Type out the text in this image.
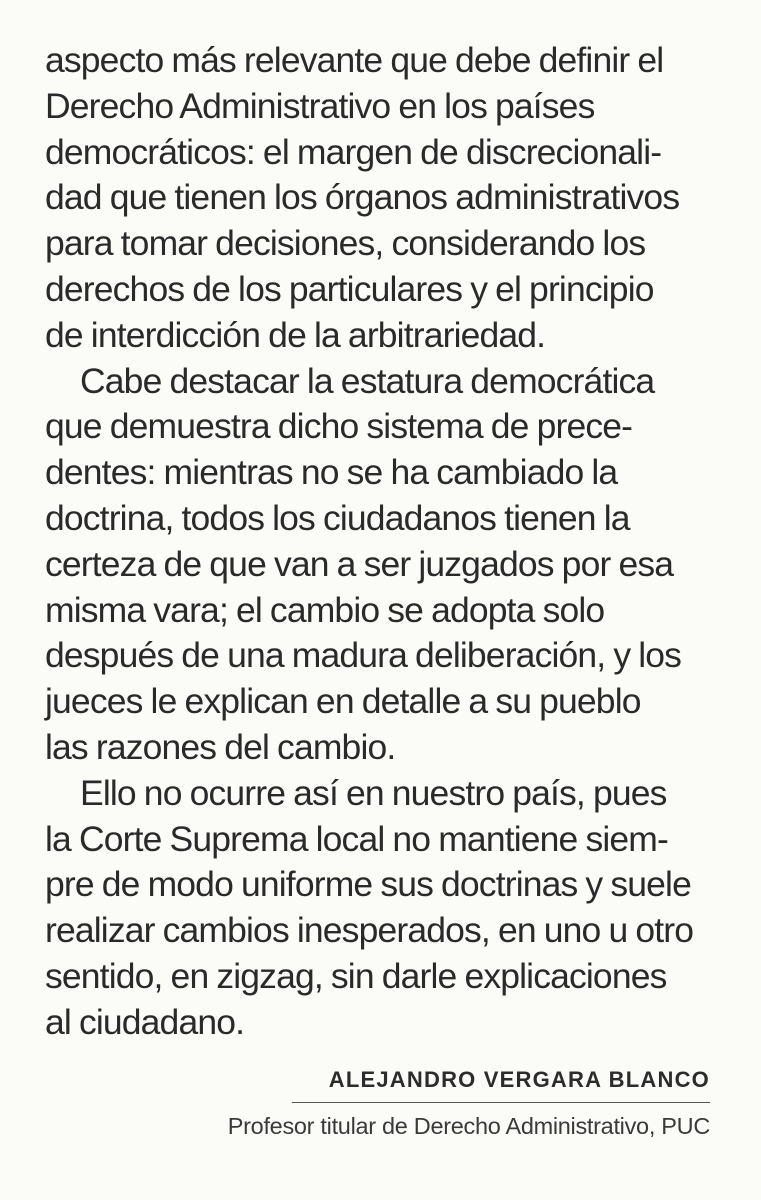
aspecto más relevante que debe definir el
Derecho Administrativo en los países
democráticos: el margen de discrecionali-
dad que tienen los órganos administrativos
para tomar decisiones, considerando los
derechos de los particulares y el principio
de interdicción de la arbitrariedad.
Cabe destacar la estatura democrática
que demuestra dicho sistema de prece-
dentes: mientras no se ha cambiado la
doctrina, todos los ciudadanos tienen la
certeza de que van a ser juzgados por esa
misma vara; el cambio se adopta solo
después de una madura deliberación, y los
jueces le explican en detalle a su pueblo
las razones del cambio.
Ello no ocurre así en nuestro país, pues
la Corte Suprema local no mantiene siem-
pre de modo uniforme sus doctrinas y suele
realizar cambios inesperados, en uno u otro
sentido, en zigzag, sin darle explicaciones
al ciudadano.
ALEJANDRO VERGARA BLANCO
Profesor titular de Derecho Administrativo, PUC
